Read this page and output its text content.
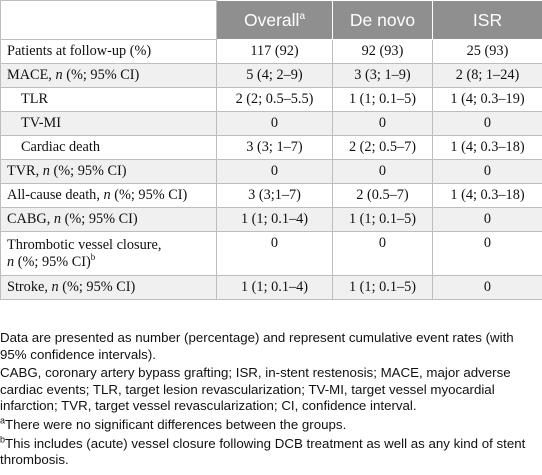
	Overall$^a$	De novo	ISR
Patients at follow-up (%)	117 (92)	92 (93)	25 (93)
MACE, n (%; 95% CI)	5 (4; 2–9)	3 (3; 1–9)	2 (8; 1–24)
TLR	2 (2; 0.5–5.5)	1 (1; 0.1–5)	1 (4; 0.3–19)
TV-MI	0	0	0
Cardiac death	3 (3; 1–7)	2 (2; 0.5–7)	1 (4; 0.3–18)
TVR, n (%; 95% CI)	0	0	0
All-cause death, n (%; 95% CI)	3 (3;1–7)	2 (0.5–7)	1 (4; 0.3–18)
CABG, n (%; 95% CI)	1 (1; 0.1–4)	1 (1; 0.1–5)	0

Thrombotic vessel closure,
n (%; 95% CI)$^b$	0	0	0
Stroke, n (%; 95% CI)	1 (1; 0.1–4)	1 (1; 0.1–5)	0

Data are presented as number (percentage) and represent cumulative event rates (with 95% confidence intervals).

CABG, coronary artery bypass grafting; ISR, in-stent restenosis; MACE, major adverse cardiac events; TLR, target lesion revascularization; TV-MI, target vessel myocardial infarction; TVR, target vessel revascularization; CI, confidence interval.

$^a$There were no significant differences between the groups.

$^b$This includes (acute) vessel closure following DCB treatment as well as any kind of stent thrombosis.
